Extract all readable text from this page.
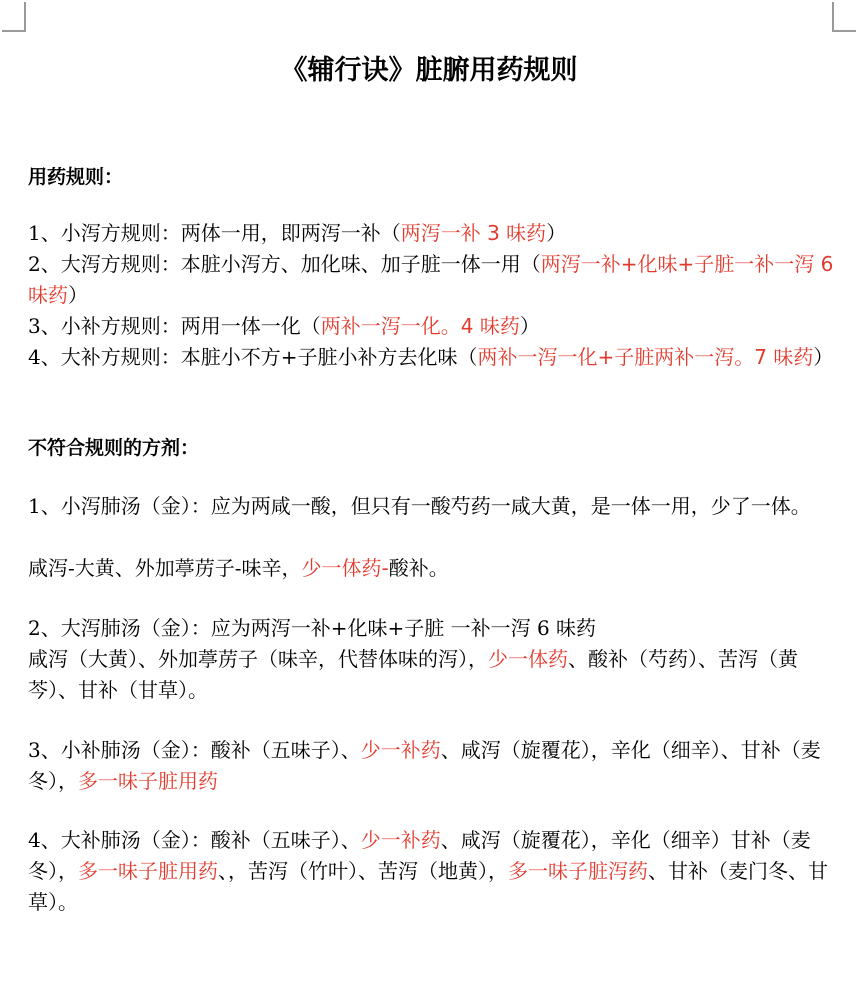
《辅行诀》脏腑用药规则
用药规则：
1、小泻方规则：两体一用，即两泻一补（两泻一补 3 味药）
2、大泻方规则：本脏小泻方、加化味、加子脏一体一用（两泻一补+化味+子脏一补一泻 6 味药）
3、小补方规则：两用一体一化（两补一泻一化。4 味药）
4、大补方规则：本脏小不方+子脏小补方去化味（两补一泻一化+子脏两补一泻。7 味药）
不符合规则的方剂：
1、小泻肺汤（金）：应为两咸一酸，但只有一酸芍药一咸大黄，是一体一用，少了一体。
咸泻-大黄、外加葶苈子-味辛，少一体药-酸补。
2、大泻肺汤（金）：应为两泻一补+化味+子脏 一补一泻 6 味药
咸泻（大黄）、外加葶苈子（味辛，代替体味的泻），少一体药、酸补（芍药）、苦泻（黄芩）、甘补（甘草）。
3、小补肺汤（金）：酸补（五味子）、少一补药、咸泻（旋覆花），辛化（细辛）、甘补（麦冬），多一味子脏用药
4、大补肺汤（金）：酸补（五味子）、少一补药、咸泻（旋覆花），辛化（细辛）甘补（麦冬），多一味子脏用药、，苦泻（竹叶）、苦泻（地黄），多一味子脏泻药、甘补（麦门冬、甘草）。
